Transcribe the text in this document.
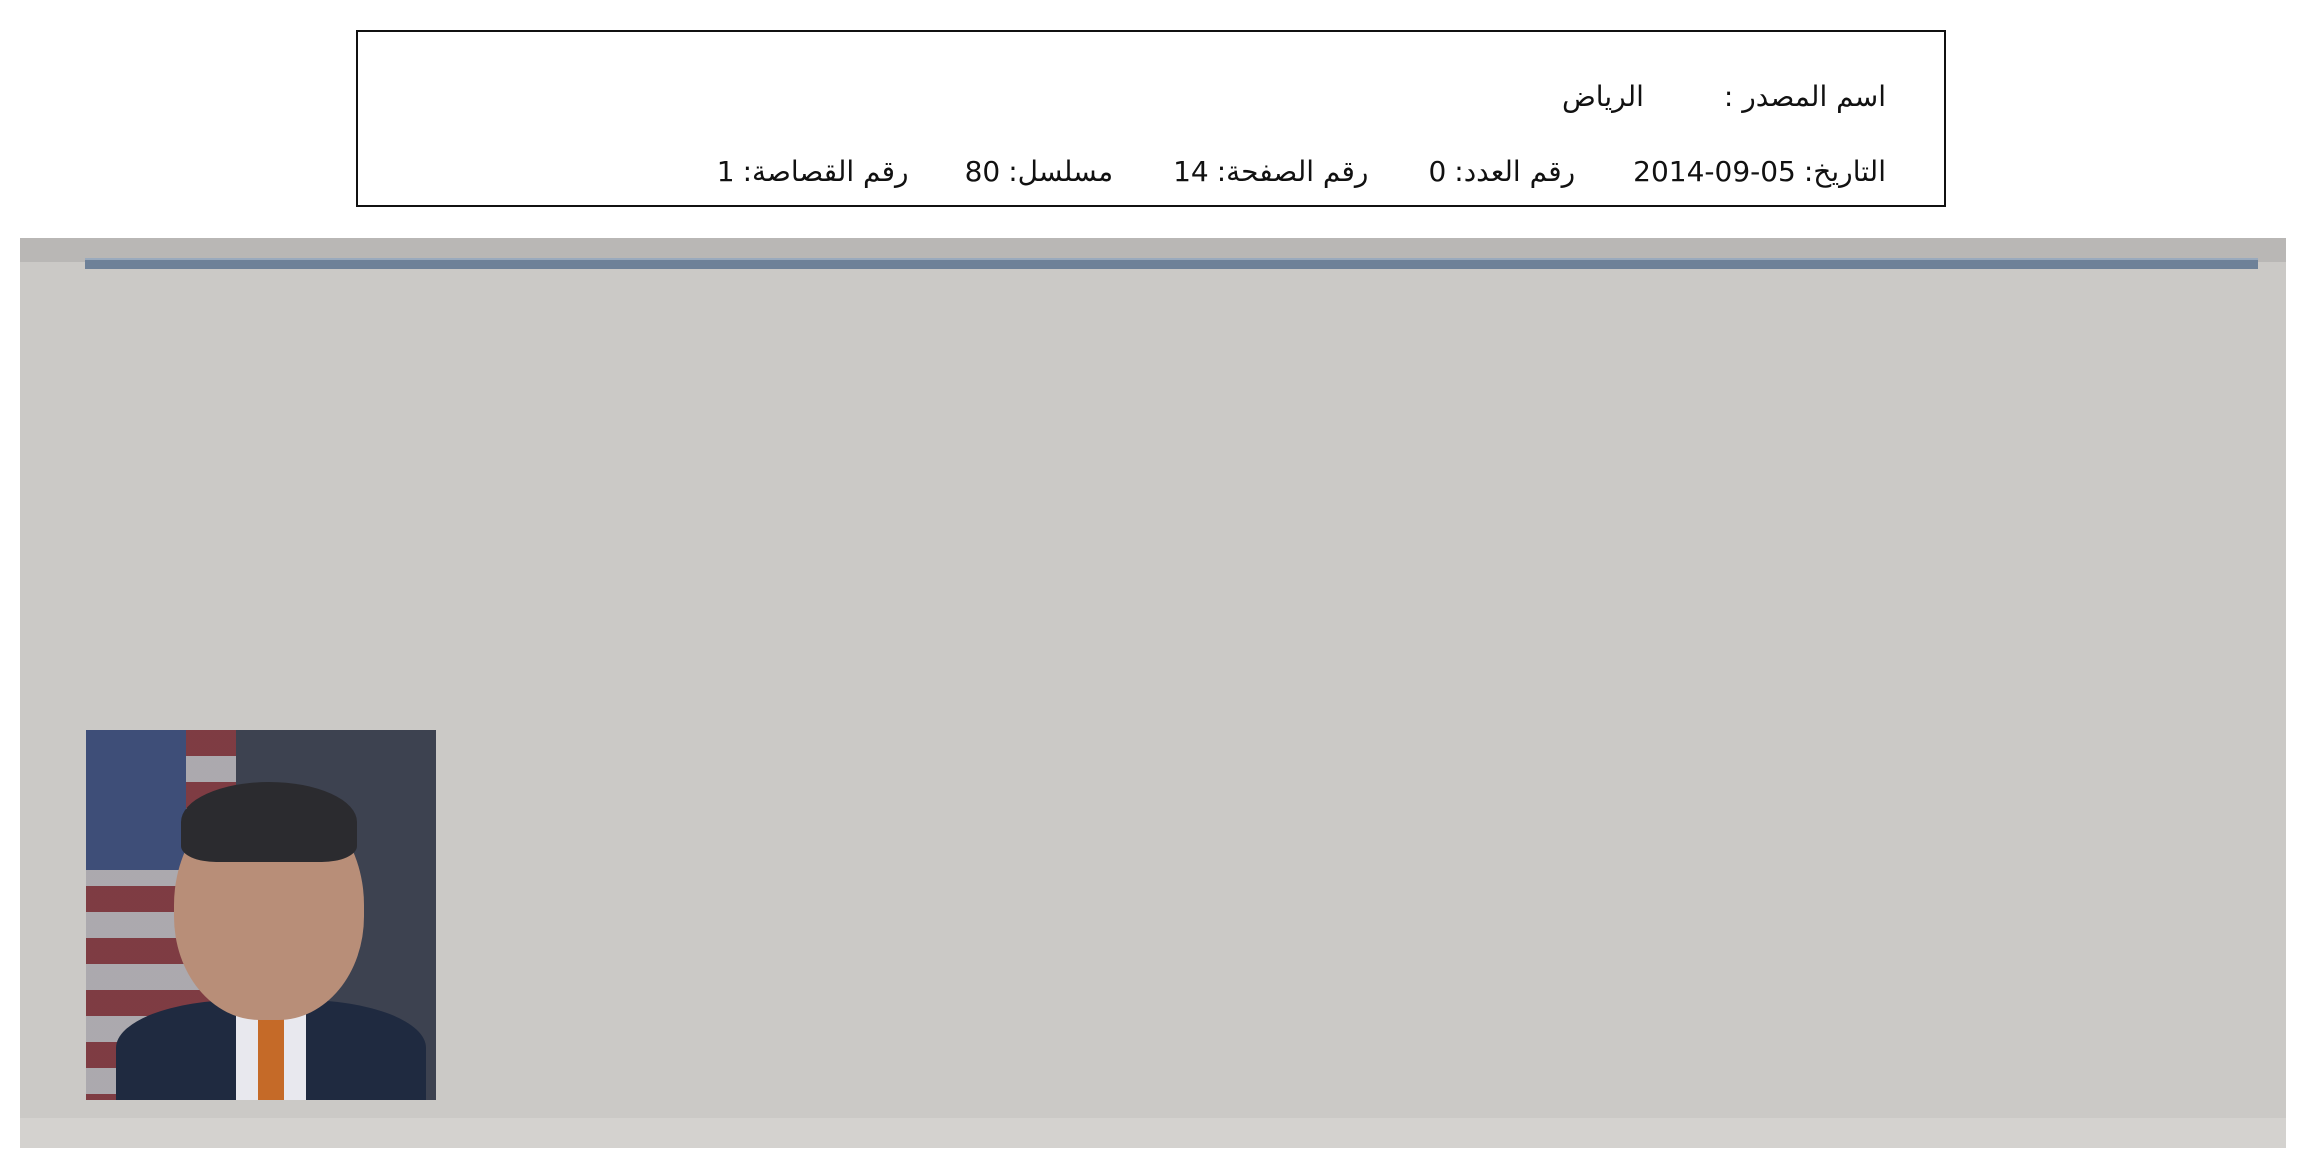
اسم المصدر :
الرياض
التاريخ:
2014-09-05
رقم العدد:
0
رقم الصفحة:
14
مسلسل:
80
رقم القصاصة:
1
